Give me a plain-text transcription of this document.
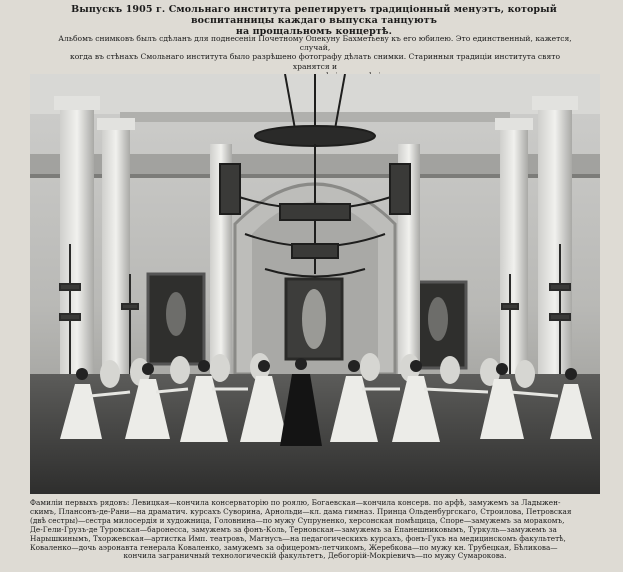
Выпускъ 1905 г. Смольнаго института репетируетъ традиціонный менуэтъ, который воспитанницы каждаго выпуска танцуютъ
на прощальномъ концертѣ.
Альбомъ снимковъ былъ сдѣланъ для поднесенія Почетному Опекуну Бахметьеву къ его юбилею. Это единственный, кажется, случай,
когда въ стѣнахъ Смольнаго института было разрѣшено фотографу дѣлать снимки. Старинныя традиціи института свято хранятся и
Фамиліи первыхъ рядовъ: Левицкая—кончила консерваторію по роялю, Богаевская—кончила консерв. по арфѣ, замужемъ за Ладыжен-
скимъ, Плансонъ-де-Рани—на драматич. курсахъ Суворина, Арнольди—кл. дама гимназ. Принца Ольденбургскаго, Строилова, Петровская
(двѣ сестры)—сестра милосердія и художница, Головнина—по мужу Супруненко, херсонская помѣщица, Споре—замужемъ за моракомъ,
Де-Гели-Грузъ-де Туровская—баронесса, замужемъ за фонъ-Коль, Терновская—замужемъ за Епанешниковымъ, Туркуль—замужемъ за
Нарышкинымъ, Тхоржевская—артистка Имп. театровъ, Магнусъ—на педагогическихъ курсахъ, фонъ-Гукъ на медицинскомъ факультетѣ,
Коваленко—дочь аэронавта генерала Коваленко, замужемъ за офицеромъ-летчикомъ, Жеребкова—по мужу кн. Трубецкая, Бѣликова—
кончила заграничный технологическій факультетъ, Дебогорій-Мокріевичъ—по мужу Сумарокова.
